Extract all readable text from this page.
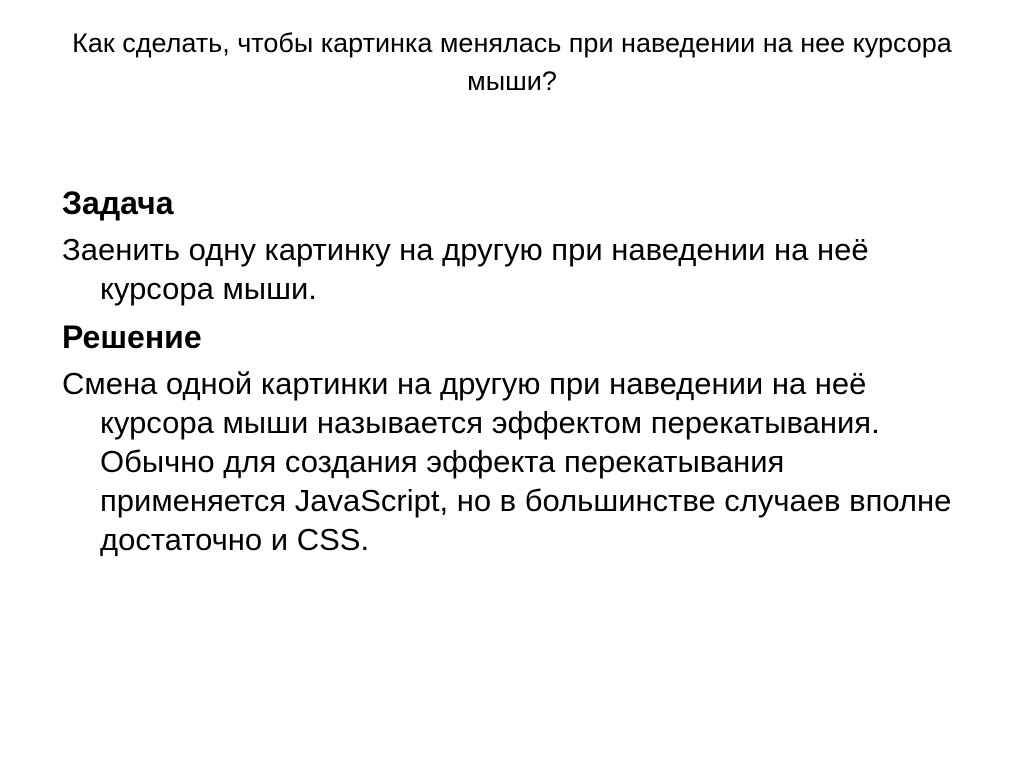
Как сделать, чтобы картинка менялась при наведении на нее курсора мыши?
Задача
Заенить одну картинку на другую при наведении на неё курсора мыши.
Решение
Смена одной картинки на другую при наведении на неё курсора мыши называется эффектом перекатывания. Обычно для создания эффекта перекатывания применяется JavaScript, но в большинстве случаев вполне достаточно и CSS.
